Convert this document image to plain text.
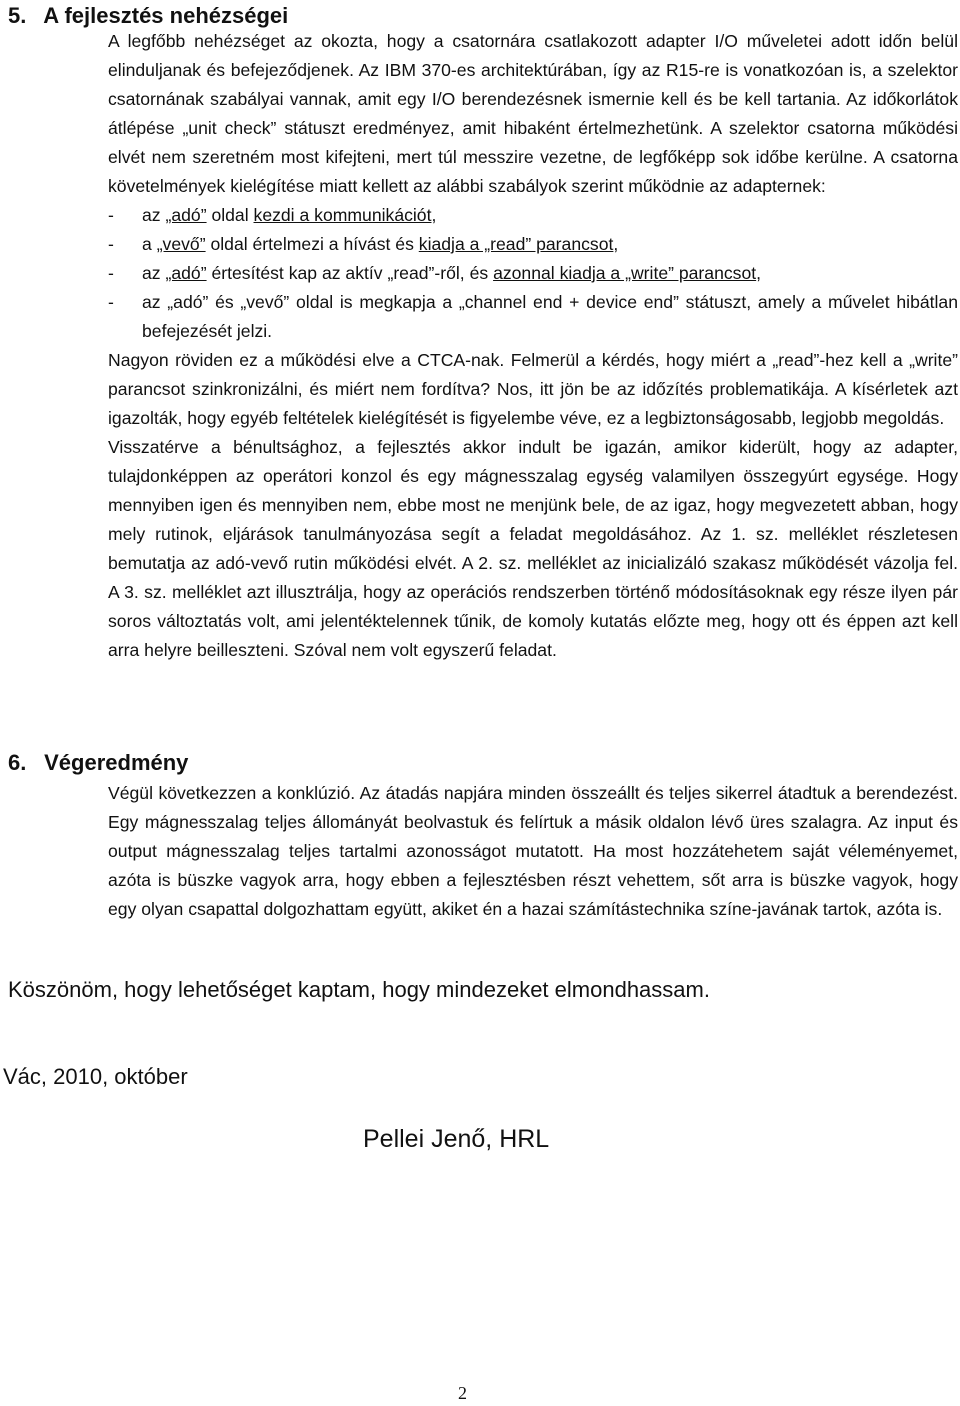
5. A fejlesztés nehézségei

A legfőbb nehézséget az okozta, hogy a csatornára csatlakozott adapter I/O műveletei adott időn belül elinduljanak és befejeződjenek. Az IBM 370-es architektúrában, így az R15-re is vonatkozóan is, a szelektor csatornának szabályai vannak, amit egy I/O berendezésnek ismernie kell és be kell tartania. Az időkorlátok átlépése „unit check” státuszt eredményez, amit hibaként értelmezhetünk. A szelektor csatorna működési elvét nem szeretném most kifejteni, mert túl messzire vezetne, de legfőképp sok időbe kerülne. A csatorna követelmények kielégítése miatt kellett az alábbi szabályok szerint működnie az adapternek:

- az „adó” oldal kezdi a kommunikációt,
- a „vevő” oldal értelmezi a hívást és kiadja a „read” parancsot,
- az „adó” értesítést kap az aktív „read”-ről, és azonnal kiadja a „write” parancsot,
- az „adó” és „vevő” oldal is megkapja a „channel end + device end” státuszt, amely a művelet hibátlan befejezését jelzi.

Nagyon röviden ez a működési elve a CTCA-nak. Felmerül a kérdés, hogy miért a „read”-hez kell a „write” parancsot szinkronizálni, és miért nem fordítva? Nos, itt jön be az időzítés problematikája. A kísérletek azt igazolták, hogy egyéb feltételek kielégítését is figyelembe véve, ez a legbiztonságosabb, legjobb megoldás.

Visszatérve a bénultsághoz, a fejlesztés akkor indult be igazán, amikor kiderült, hogy az adapter, tulajdonképpen az operátori konzol és egy mágnesszalag egység valamilyen összegyúrt egysége. Hogy mennyiben igen és mennyiben nem, ebbe most ne menjünk bele, de az igaz, hogy megvezetett abban, hogy mely rutinok, eljárások tanulmányozása segít a feladat megoldásához. Az 1. sz. melléklet részletesen bemutatja az adó-vevő rutin működési elvét. A 2. sz. melléklet az inicializáló szakasz működését vázolja fel. A 3. sz. melléklet azt illusztrálja, hogy az operációs rendszerben történő módosításoknak egy része ilyen pár soros változtatás volt, ami jelentéktelennek tűnik, de komoly kutatás előzte meg, hogy ott és éppen azt kell arra helyre beilleszteni. Szóval nem volt egyszerű feladat.

6. Végeredmény

Végül következzen a konklúzió. Az átadás napjára minden összeállt és teljes sikerrel átadtuk a berendezést. Egy mágnesszalag teljes állományát beolvastuk és felírtuk a másik oldalon lévő üres szalagra. Az input és output mágnesszalag teljes tartalmi azonosságot mutatott. Ha most hozzátehetem saját véleményemet, azóta is büszke vagyok arra, hogy ebben a fejlesztésben részt vehettem, sőt arra is büszke vagyok, hogy egy olyan csapattal dolgozhattam együtt, akiket én a hazai számítástechnika színe-javának tartok, azóta is.

Köszönöm, hogy lehetőséget kaptam, hogy mindezeket elmondhassam.

Vác, 2010, október

Pellei Jenő, HRL

2
